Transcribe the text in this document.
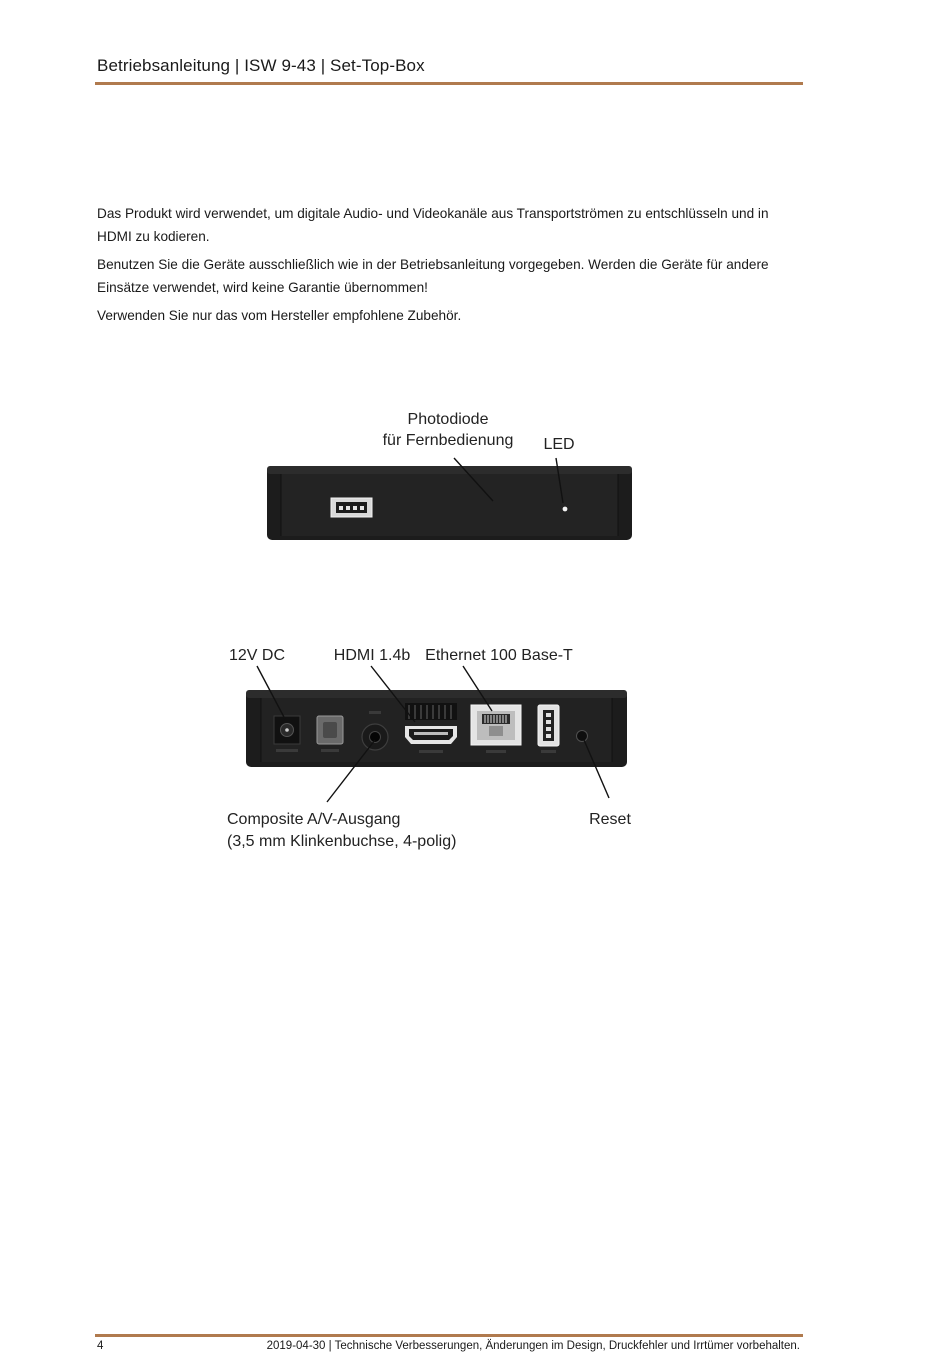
Betriebsanleitung | ISW 9-43 | Set-Top-Box

Das Produkt wird verwendet, um digitale Audio- und Videokanäle aus Transportströmen zu entschlüsseln und in HDMI zu kodieren.

Benutzen Sie die Geräte ausschließlich wie in der Betriebsanleitung vorgegeben. Werden die Geräte für andere Einsätze verwendet, wird keine Garantie übernommen!

Verwenden Sie nur das vom Hersteller empfohlene Zubehör.

Photodiode
für Fernbedienung LED
12V DC	HDMI 1.4b Ethernet 100 Base-T
Composite A/V-Ausgang
(3,5 mm Klinkenbuchse, 4-polig)
Reset
4	2019-04-30 | Technische Verbesserungen, Änderungen im Design, Druckfehler und Irrtümer vorbehalten.
